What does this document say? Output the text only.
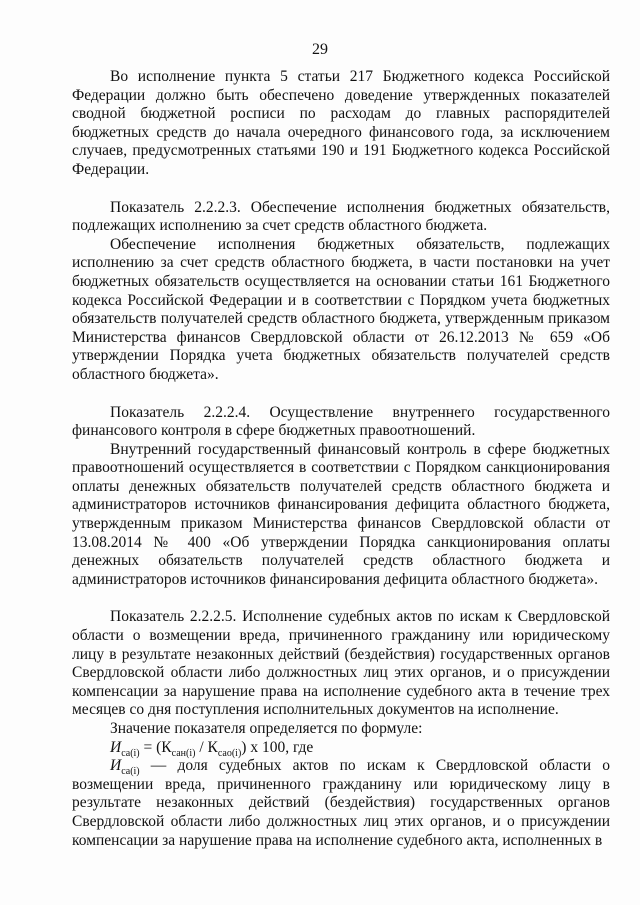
29

Во исполнение пункта 5 статьи 217 Бюджетного кодекса Российской Федерации должно быть обеспечено доведение утвержденных показателей сводной бюджетной росписи по расходам до главных распорядителей бюджетных средств до начала очередного финансового года, за исключением случаев, предусмотренных статьями 190 и 191 Бюджетного кодекса Российской Федерации.

Показатель 2.2.2.3. Обеспечение исполнения бюджетных обязательств, подлежащих исполнению за счет средств областного бюджета.

Обеспечение исполнения бюджетных обязательств, подлежащих исполнению за счет средств областного бюджета, в части постановки на учет бюджетных обязательств осуществляется на основании статьи 161 Бюджетного кодекса Российской Федерации и в соответствии с Порядком учета бюджетных обязательств получателей средств областного бюджета, утвержденным приказом Министерства финансов Свердловской области от 26.12.2013 № 659 «Об утверждении Порядка учета бюджетных обязательств получателей средств областного бюджета».

Показатель 2.2.2.4. Осуществление внутреннего государственного финансового контроля в сфере бюджетных правоотношений.

Внутренний государственный финансовый контроль в сфере бюджетных правоотношений осуществляется в соответствии с Порядком санкционирования оплаты денежных обязательств получателей средств областного бюджета и администраторов источников финансирования дефицита областного бюджета, утвержденным приказом Министерства финансов Свердловской области от 13.08.2014 № 400 «Об утверждении Порядка санкционирования оплаты денежных обязательств получателей средств областного бюджета и администраторов источников финансирования дефицита областного бюджета».

Показатель 2.2.2.5. Исполнение судебных актов по искам к Свердловской области о возмещении вреда, причиненного гражданину или юридическому лицу в результате незаконных действий (бездействия) государственных органов Свердловской области либо должностных лиц этих органов, и о присуждении компенсации за нарушение права на исполнение судебного акта в течение трех месяцев со дня поступления исполнительных документов на исполнение.

Значение показателя определяется по формуле:

$И_{са(i)} = (К_{сан(i)} / К_{сао(i)})$ х 100, где

$И_{са(i)}$ — доля судебных актов по искам к Свердловской области о возмещении вреда, причиненного гражданину или юридическому лицу в результате незаконных действий (бездействия) государственных органов Свердловской области либо должностных лиц этих органов, и о присуждении компенсации за нарушение права на исполнение судебного акта, исполненных в
